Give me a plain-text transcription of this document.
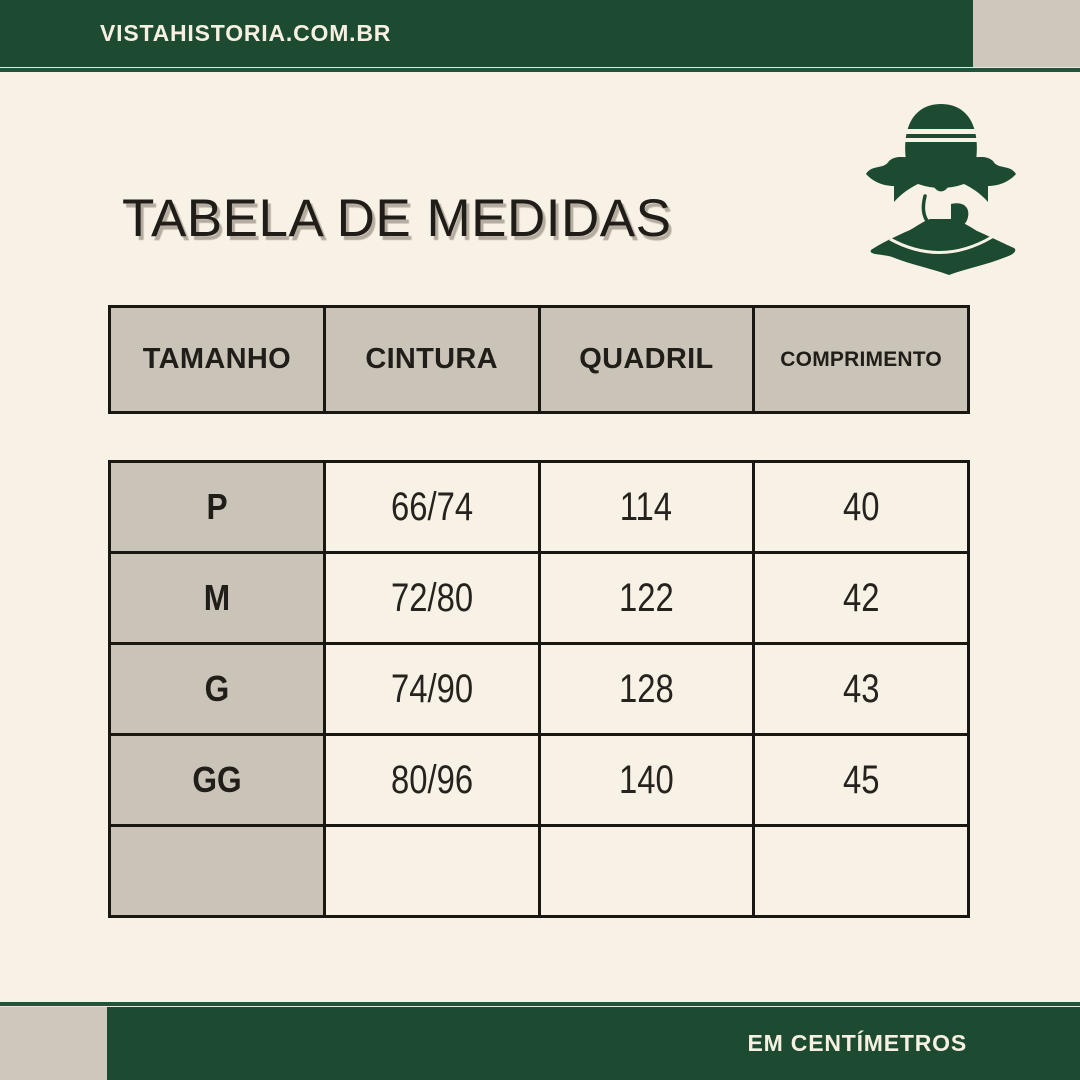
VISTAHISTORIA.COM.BR
TABELA DE MEDIDAS
TAMANHO	CINTURA	QUADRIL	COMPRIMENTO
P	66/74	114	40
M	72/80	122	42
G	74/90	128	43
GG	80/96	140	45

EM CENTÍMETROS
